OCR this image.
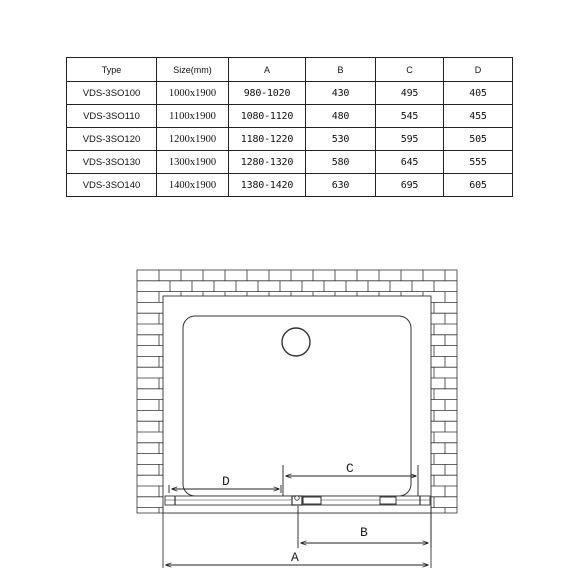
Type	Size(mm)	A	B	C	D
VDS-3SO100	1000x1900	980-1020	430	495	405
VDS-3SO110	1100x1900	1080-1120	480	545	455
VDS-3SO120	1200x1900	1180-1220	530	595	505
VDS-3SO130	1300x1900	1280-1320	580	645	555
VDS-3SO140	1400x1900	1380-1420	630	695	605
D
C
B
A
